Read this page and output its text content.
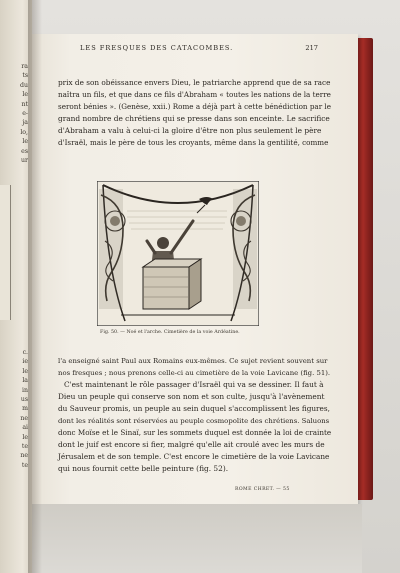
ra
ts
du
le
nt
e-
ja
lo,
le
es
ur
c.
ie
le
la
in
us
m
ne
ai
le
te
ne
te
LES FRESQUES DES CATACOMBES.	217
prix de son obéissance envers Dieu, le patriarche apprend que de sa race
naîtra un fils, et que dans ce fils d'Abraham « toutes les nations de la terre
seront bénies ». (Genèse, xxii.) Rome a déjà part à cette bénédiction par le
grand nombre de chrétiens qui se presse dans son enceinte. Le sacrifice
d'Abraham a valu à celui-ci la gloire d'être non plus seulement le père
d'Israël, mais le père de tous les croyants, même dans la gentilité, comme
Fig. 50. — Noé et l'arche. Cimetière de la voie Ardéatine.
l'a enseigné saint Paul aux Romains eux-mêmes. Ce sujet revient souvent sur
nos fresques ; nous prenons celle-ci au cimetière de la voie Lavicane (fig. 51).
C'est maintenant le rôle passager d'Israël qui va se dessiner. Il faut à
Dieu un peuple qui conserve son nom et son culte, jusqu'à l'avènement
du Sauveur promis, un peuple au sein duquel s'accomplissent les figures,
dont les réalités sont réservées au peuple cosmopolite des chrétiens. Saluons
donc Moïse et le Sinaï, sur les sommets duquel est donnée la loi de crainte
dont le juif est encore si fier, malgré qu'elle ait croulé avec les murs de
Jérusalem et de son temple. C'est encore le cimetière de la voie Lavicane
qui nous fournit cette belle peinture (fig. 52).
ROME CHRET. — 55
